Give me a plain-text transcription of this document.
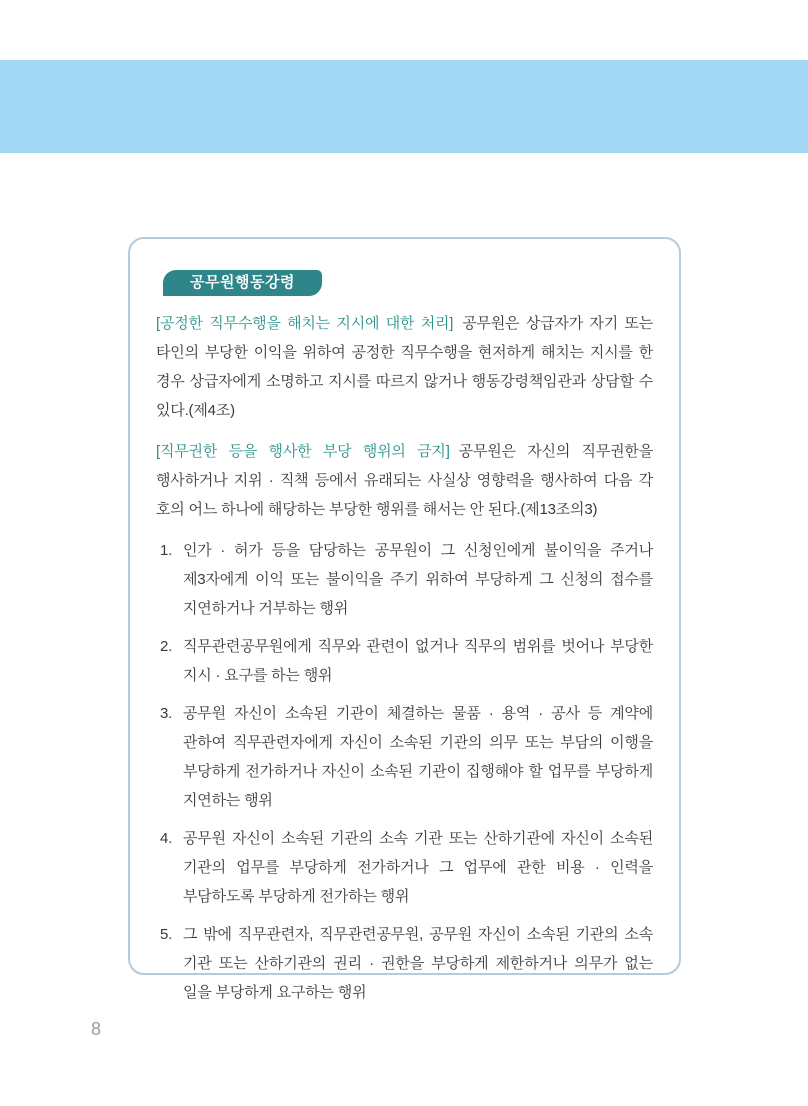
● 공공분야 갑질 근절을 위한 가이드라인 ●
공무원행동강령

[공정한 직무수행을 해치는 지시에 대한 처리] 공무원은 상급자가 자기 또는 타인의 부당한 이익을 위하여 공정한 직무수행을 현저하게 해치는 지시를 한 경우 상급자에게 소명하고 지시를 따르지 않거나 행동강령책임관과 상담할 수 있다.(제4조)

[직무권한 등을 행사한 부당 행위의 금지] 공무원은 자신의 직무권한을 행사하거나 지위 · 직책 등에서 유래되는 사실상 영향력을 행사하여 다음 각 호의 어느 하나에 해당하는 부당한 행위를 해서는 안 된다.(제13조의3)

1. 인가 · 허가 등을 담당하는 공무원이 그 신청인에게 불이익을 주거나 제3자에게 이익 또는 불이익을 주기 위하여 부당하게 그 신청의 접수를 지연하거나 거부하는 행위
2. 직무관련공무원에게 직무와 관련이 없거나 직무의 범위를 벗어나 부당한 지시 · 요구를 하는 행위
3. 공무원 자신이 소속된 기관이 체결하는 물품 · 용역 · 공사 등 계약에 관하여 직무관련자에게 자신이 소속된 기관의 의무 또는 부담의 이행을 부당하게 전가하거나 자신이 소속된 기관이 집행해야 할 업무를 부당하게 지연하는 행위
4. 공무원 자신이 소속된 기관의 소속 기관 또는 산하기관에 자신이 소속된 기관의 업무를 부당하게 전가하거나 그 업무에 관한 비용 · 인력을 부담하도록 부당하게 전가하는 행위
5. 그 밖에 직무관련자, 직무관련공무원, 공무원 자신이 소속된 기관의 소속 기관 또는 산하기관의 권리 · 권한을 부당하게 제한하거나 의무가 없는 일을 부당하게 요구하는 행위
8
